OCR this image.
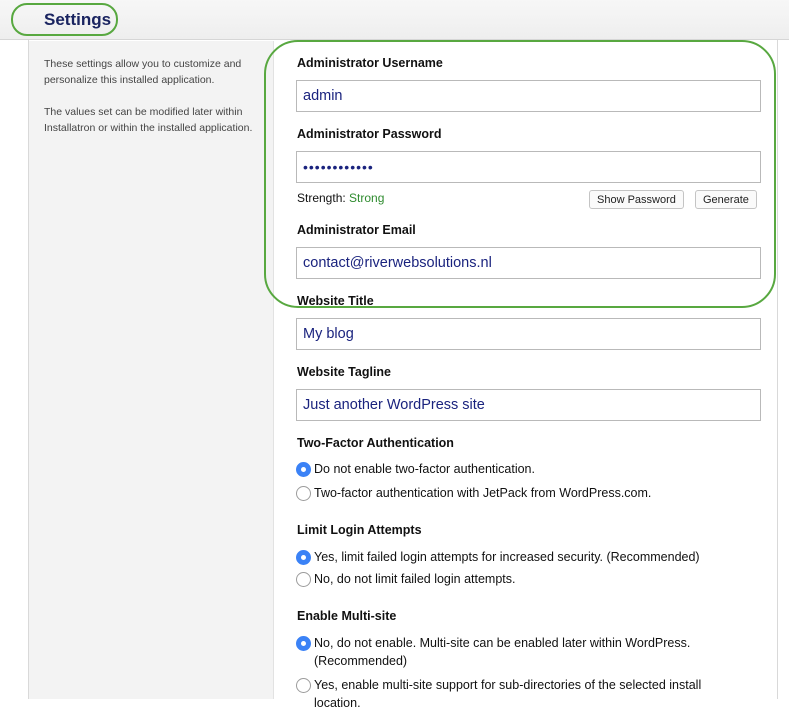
Settings
These settings allow you to customize and personalize this installed application.
The values set can be modified later within Installatron or within the installed application.
Administrator Username
admin
Administrator Password
••••••••••••
Strength: Strong	Show Password	Generate
Administrator Email
contact@riverwebsolutions.nl
Website Title
My blog
Website Tagline
Just another WordPress site
Two-Factor Authentication
Do not enable two-factor authentication.
Two-factor authentication with JetPack from WordPress.com.
Limit Login Attempts
Yes, limit failed login attempts for increased security. (Recommended)
No, do not limit failed login attempts.
Enable Multi-site
No, do not enable. Multi-site can be enabled later within WordPress. (Recommended)
Yes, enable multi-site support for sub-directories of the selected install location.
